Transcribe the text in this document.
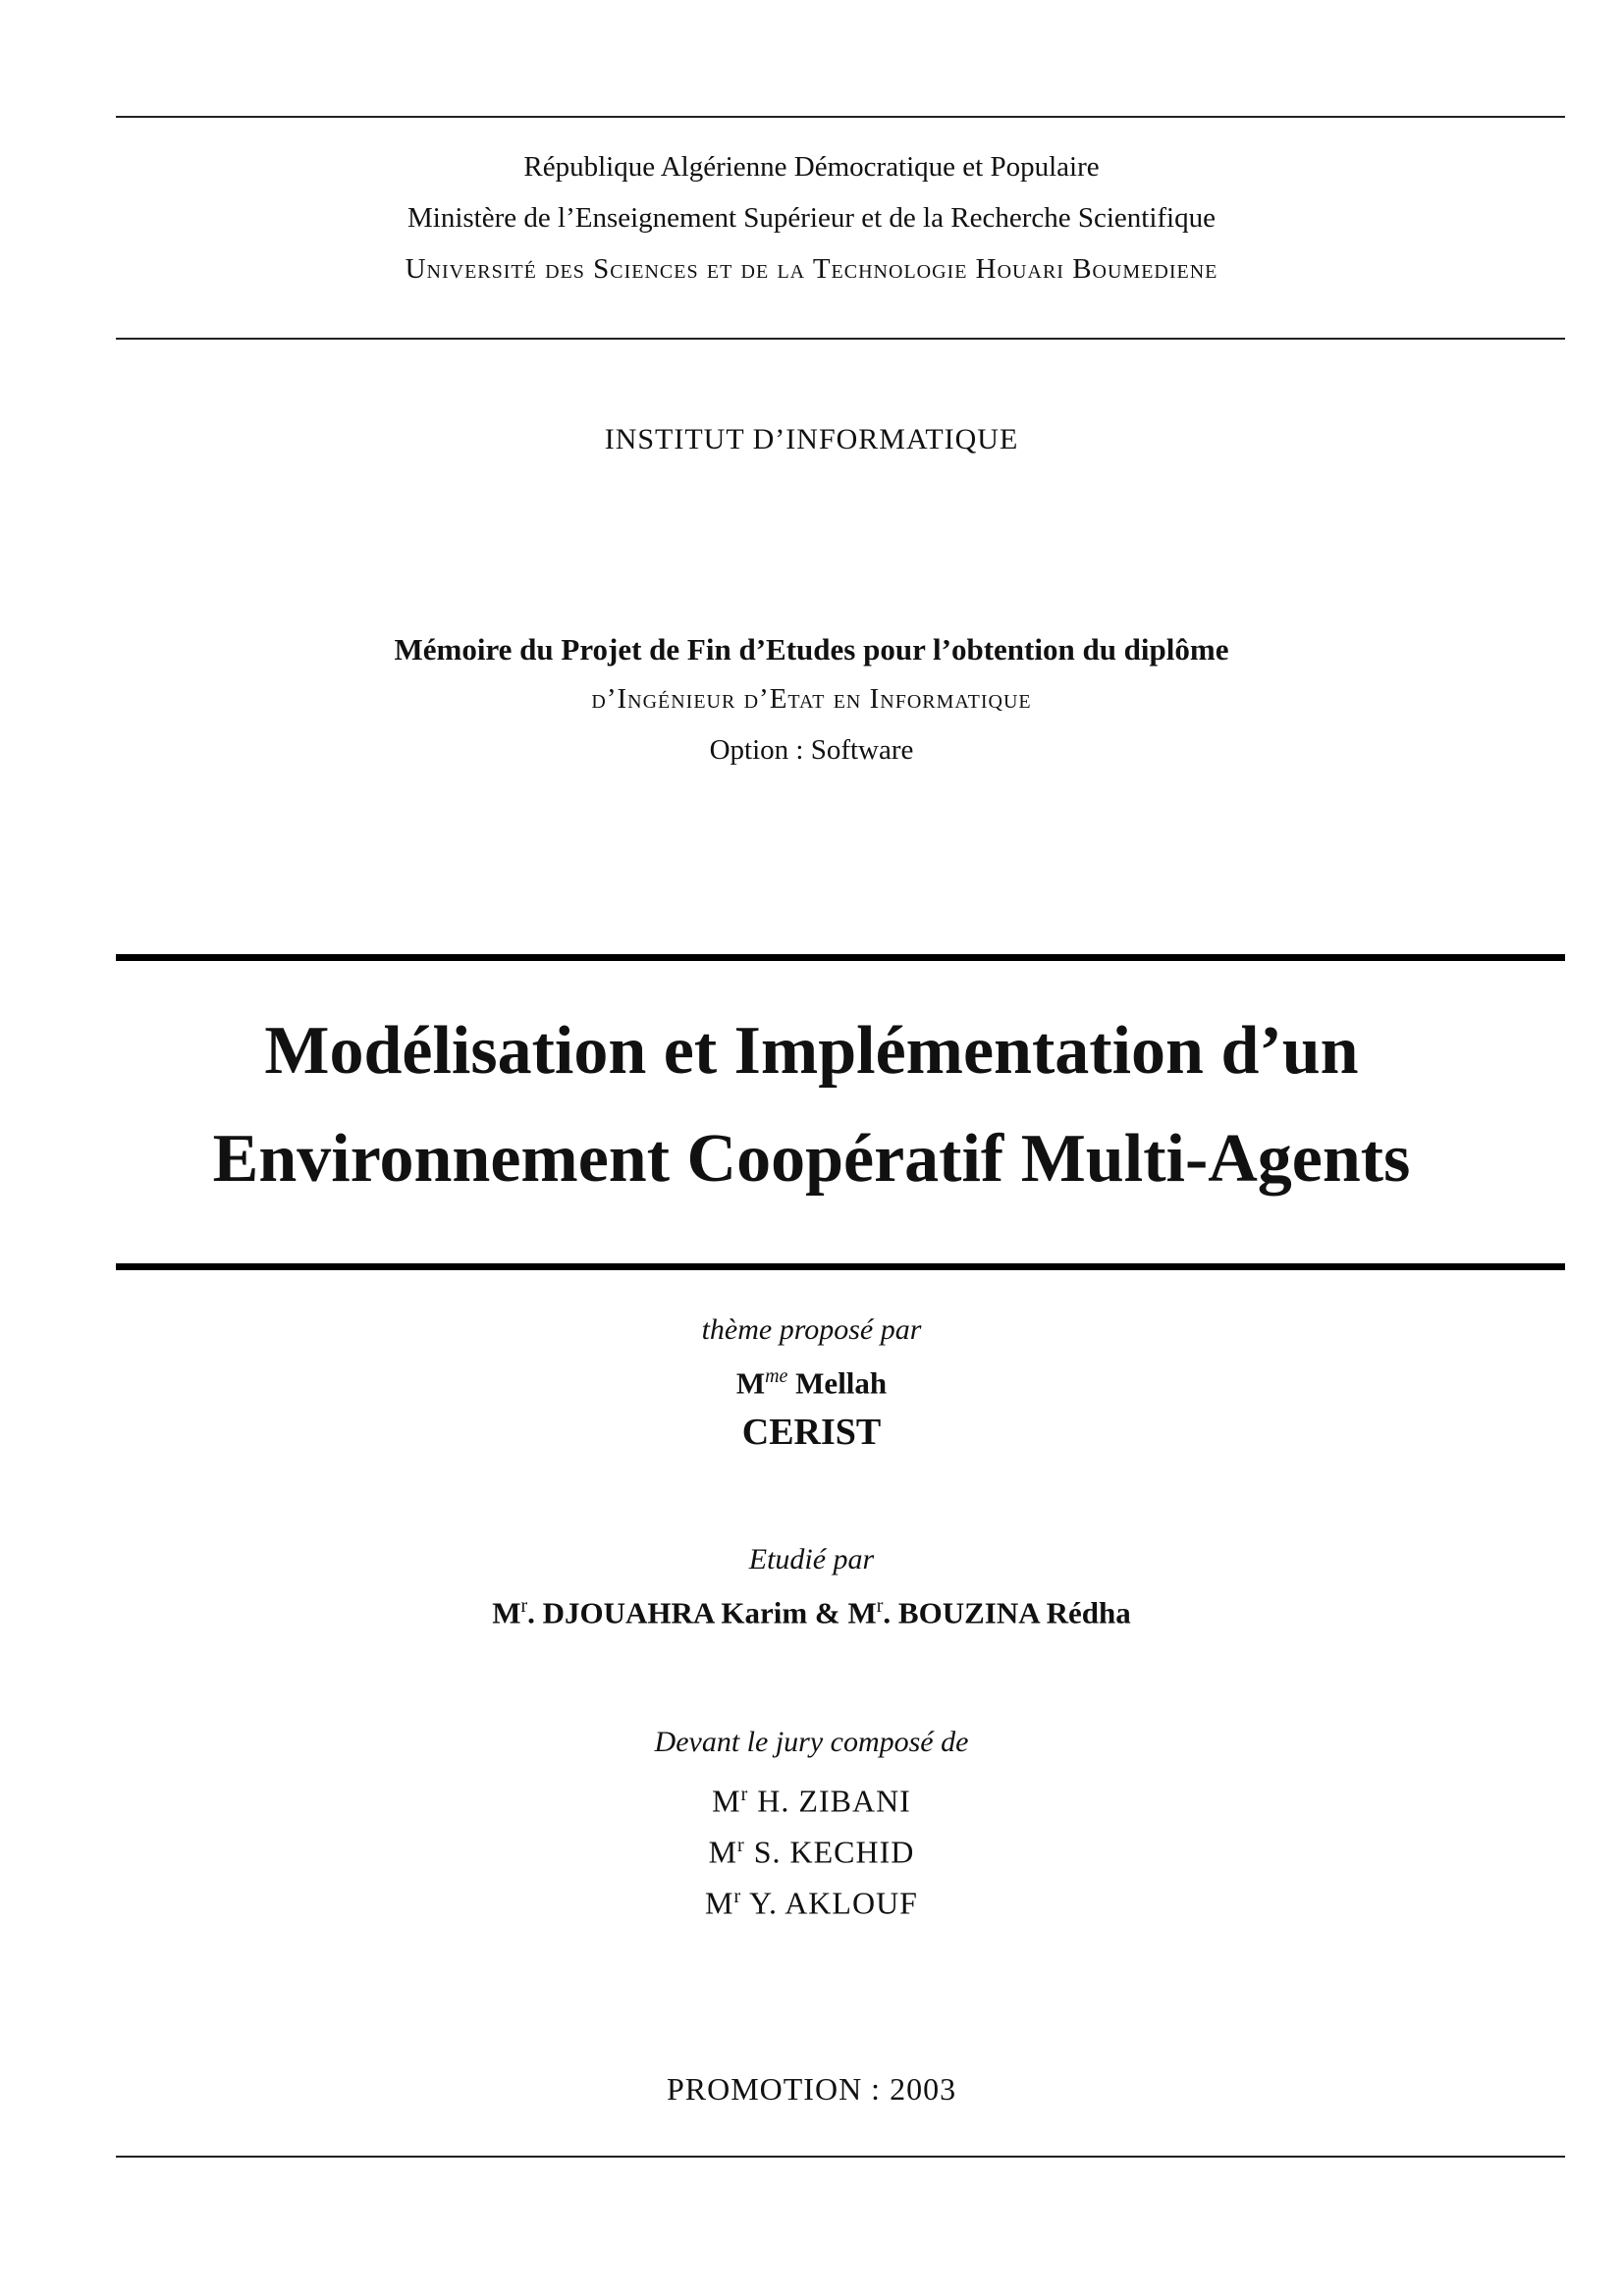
République Algérienne Démocratique et Populaire
Ministère de l’Enseignement Supérieur et de la Recherche Scientifique
Université des Sciences et de la Technologie Houari Boumediene
INSTITUT D’INFORMATIQUE
Mémoire du Projet de Fin d’Etudes pour l’obtention du diplôme
d’Ingénieur d’Etat en Informatique
Option : Software
Modélisation et Implémentation d’un
Environnement Coopératif Multi-Agents
thème proposé par
$M^{me}$ Mellah
CERIST
Etudié par
$M^r$. DJOUAHRA Karim & $M^r$. BOUZINA Rédha
Devant le jury composé de
$M^r$ H. ZIBANI
$M^r$ S. KECHID
$M^r$ Y. AKLOUF
PROMOTION : 2003
